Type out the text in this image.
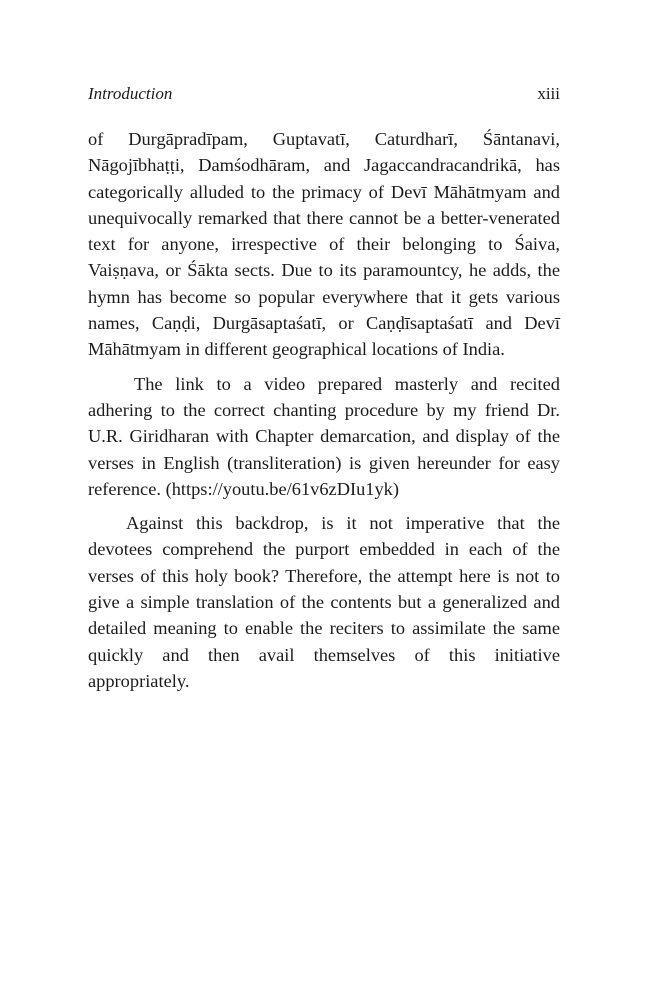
Introduction	xiii

of Durgāpradīpam, Guptavatī, Caturdharī, Śāntanavi, Nāgojībhaṭṭi, Damśodhāram, and Jagaccandracandrikā, has categorically alluded to the primacy of Devī Māhātmyam and unequivocally remarked that there cannot be a better-venerated text for anyone, irrespective of their belonging to Śaiva, Vaiṣṇava, or Śākta sects. Due to its paramountcy, he adds, the hymn has become so popular everywhere that it gets various names, Caṇḍi, Durgāsaptaśatī, or Caṇḍīsaptaśatī and Devī Māhātmyam in different geographical locations of India.

The link to a video prepared masterly and recited adhering to the correct chanting procedure by my friend Dr. U.R. Giridharan with Chapter demarcation, and display of the verses in English (transliteration) is given hereunder for easy reference. (https://youtu.be/61v6zDIu1yk)

Against this backdrop, is it not imperative that the devotees comprehend the purport embedded in each of the verses of this holy book? Therefore, the attempt here is not to give a simple translation of the contents but a generalized and detailed meaning to enable the reciters to assimilate the same quickly and then avail themselves of this initiative appropriately.
